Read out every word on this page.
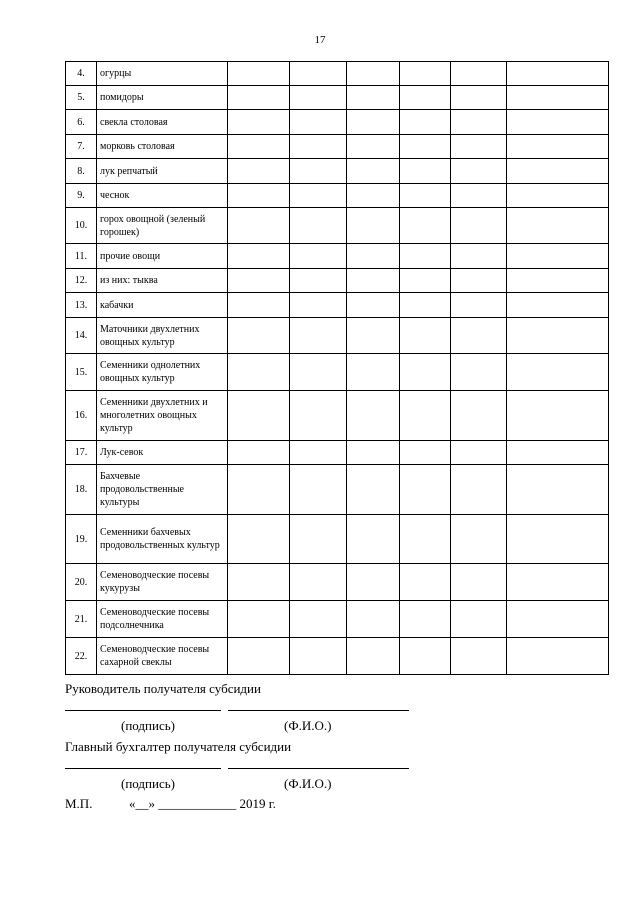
17
4.	огурцы						
5.	помидоры						
6.	свекла столовая						
7.	морковь столовая						
8.	лук репчатый						
9.	чеснок						
10.	горох овощной (зеленый горошек)						
11.	прочие овощи						
12.	из них: тыква						
13.	кабачки						
14.	Маточники двухлетних овощных культур						
15.	Семенники однолетних овощных культур						
16.	Семенники двухлетних и многолетних овощных культур						
17.	Лук-севок						
18.	Бахчевые продовольственные культуры						
19.	Семенники бахчевых продовольственных культур						
20.	Семеноводческие посевы кукурузы						
21.	Семеноводческие посевы подсолнечника						
22.	Семеноводческие посевы сахарной свеклы						
Руководитель получателя субсидии
(подпись)	(Ф.И.О.)
Главный бухгалтер получателя субсидии
(подпись)	(Ф.И.О.)
М.П.	«__» ____________ 2019 г.
